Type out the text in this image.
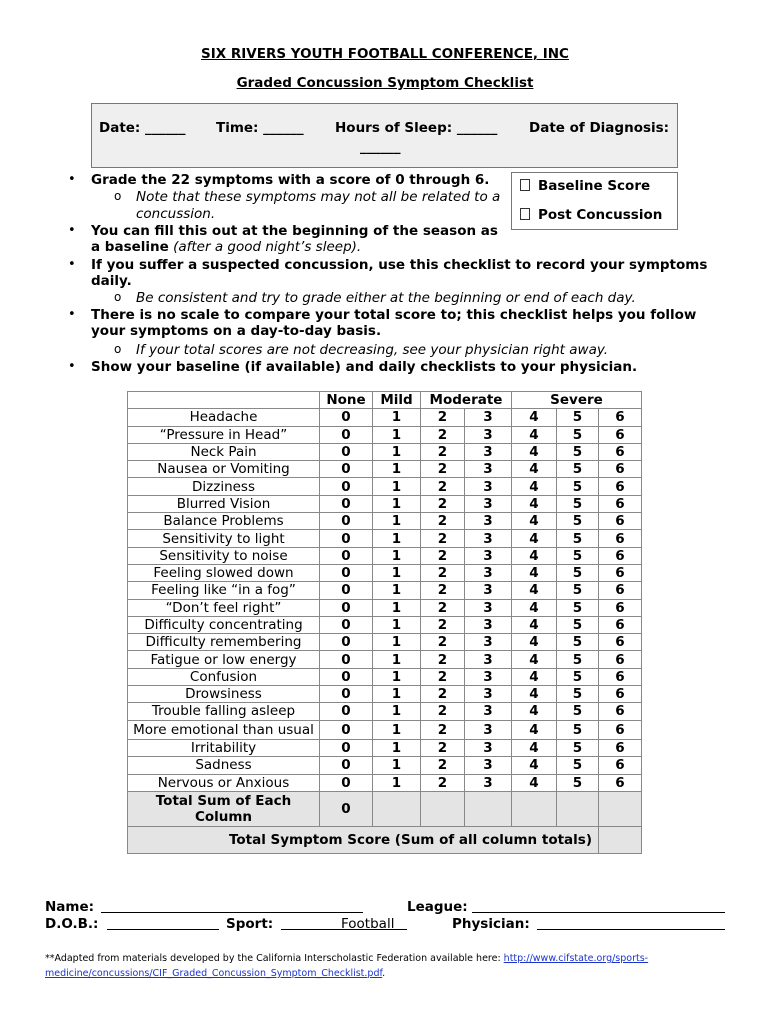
SIX RIVERS YOUTH FOOTBALL CONFERENCE, INC
Graded Concussion Symptom Checklist
Date: ______ Time: ______ Hours of Sleep: ______
______
Date of Diagnosis:
Baseline Score
Post Concussion
• Grade the 22 symptoms with a score of 0 through 6.
o Note that these symptoms may not all be related to a
concussion.
• You can fill this out at the beginning of the season as
a baseline (after a good night’s sleep).
• If you suffer a suspected concussion, use this checklist to record your symptoms
daily.
o Be consistent and try to grade either at the beginning or end of each day.
• There is no scale to compare your total score to; this checklist helps you follow
your symptoms on a day-to-day basis.
o If your total scores are not decreasing, see your physician right away.
• Show your baseline (if available) and daily checklists to your physician.
	None	Mild	Moderate		Severe		
Headache	0	1	2	3	4	5	6
“Pressure in Head”	0	1	2	3	4	5	6
Neck Pain	0	1	2	3	4	5	6
Nausea or Vomiting	0	1	2	3	4	5	6
Dizziness	0	1	2	3	4	5	6
Blurred Vision	0	1	2	3	4	5	6
Balance Problems	0	1	2	3	4	5	6
Sensitivity to light	0	1	2	3	4	5	6
Sensitivity to noise	0	1	2	3	4	5	6
Feeling slowed down	0	1	2	3	4	5	6
Feeling like “in a fog”	0	1	2	3	4	5	6
“Don’t feel right”	0	1	2	3	4	5	6
Difficulty concentrating	0	1	2	3	4	5	6
Difficulty remembering	0	1	2	3	4	5	6
Fatigue or low energy	0	1	2	3	4	5	6
Confusion	0	1	2	3	4	5	6
Drowsiness	0	1	2	3	4	5	6
Trouble falling asleep	0	1	2	3	4	5	6
More emotional than usual	0	1	2	3	4	5	6
Irritability	0	1	2	3	4	5	6
Sadness	0	1	2	3	4	5	6
Nervous or Anxious	0	1	2	3	4	5	6
Total Sum of Each Column	0						
Total Symptom Score (Sum of all column totals)							
Name:	League:
D.O.B.:	Sport:	Football	Physician:
**Adapted from materials developed by the California Interscholastic Federation available here: http://www.cifstate.org/sports-
medicine/concussions/CIF_Graded_Concussion_Symptom_Checklist.pdf.
